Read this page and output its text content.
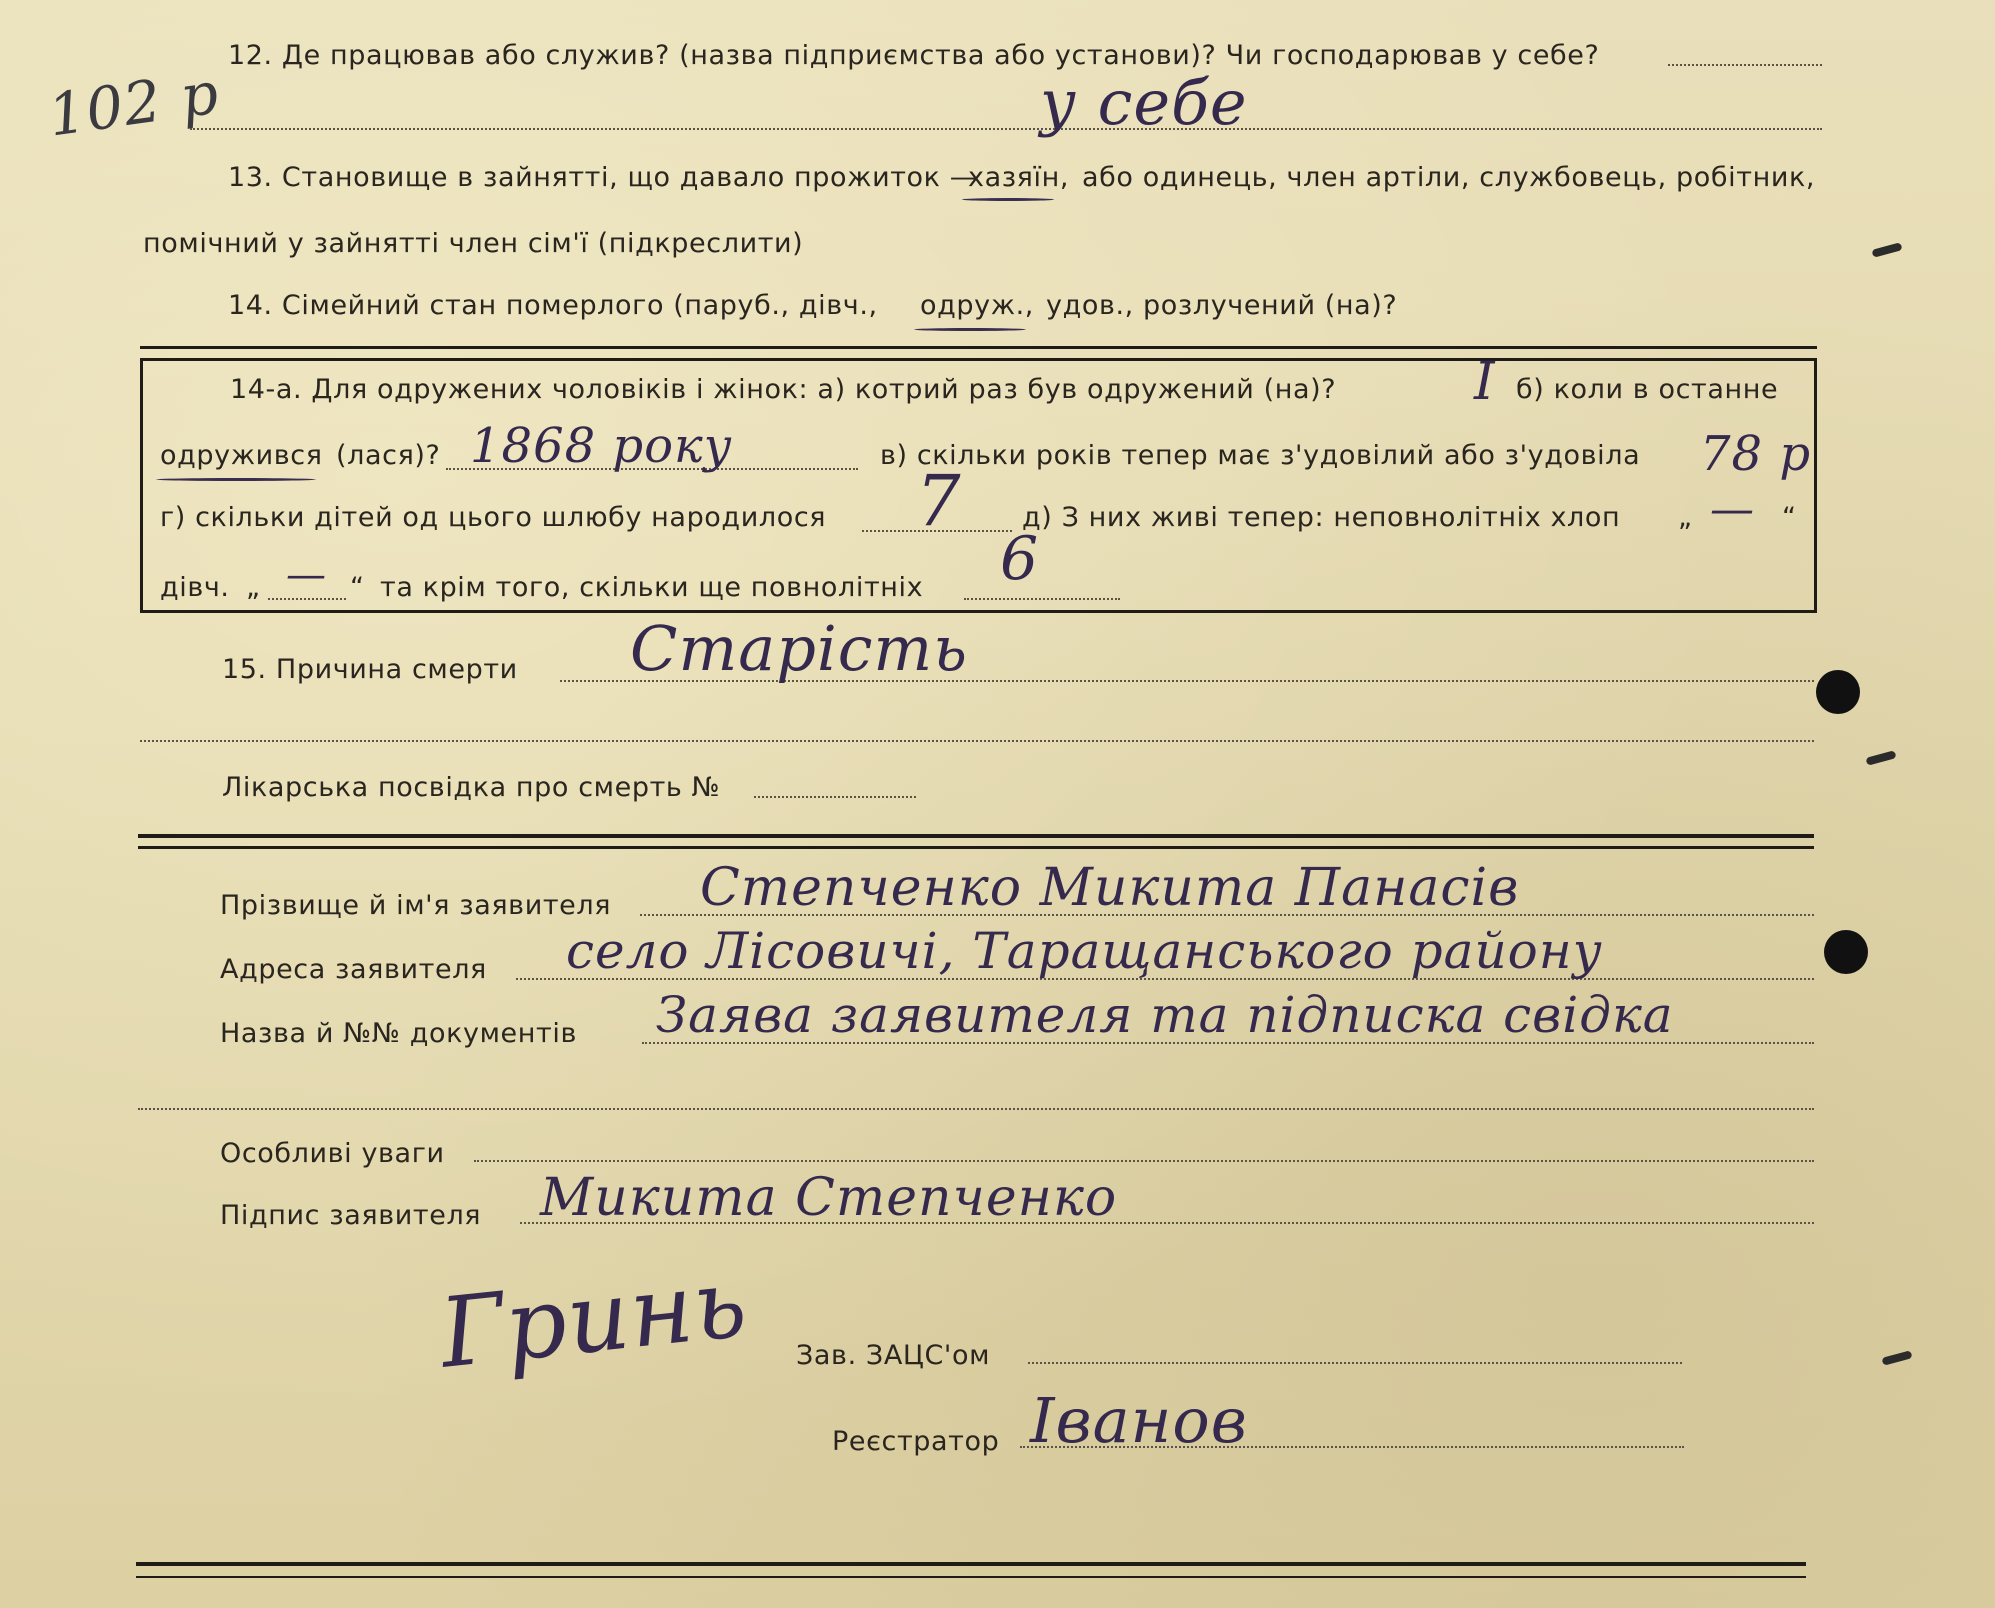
102 р
12. Де працював або служив? (назва підприємства або установи)? Чи господарював у себе?
у себе
13. Становище в зайнятті, що давало прожиток —
хазяїн, або одинець, член артіли, службовець, робітник,
помічний у зайнятті член сім'ї (підкреслити)
14. Сімейний стан померлого (паруб., дівч., одруж., удов., розлучений (на)?
14-а. Для одружених чоловіків і жінок: а) котрий раз був одружений (на)?	I б) коли в останне
одружився (лася)? 1868 року	в) скільки років тепер має з'удовілий або з'удовіла 78 р
г) скільки дітей од цього шлюбу народилося 7 д) З них живі тепер: неповнолітніх хлоп „ — “
дівч. „ — “ та крім того, скільки ще повнолітніх 6
15. Причина смерти Старість
Лікарська посвідка про смерть №
Прізвище й ім'я заявителя Степченко Микита Панасів
Адреса заявителя село Лісовичі, Таращанського району
Назва й №№ документів Заява заявителя та підписка свідка
Особливі уваги
Підпис заявителя Микита Степченко
Гринь Зав. ЗАЦС'ом
Реєстратор Іванов
